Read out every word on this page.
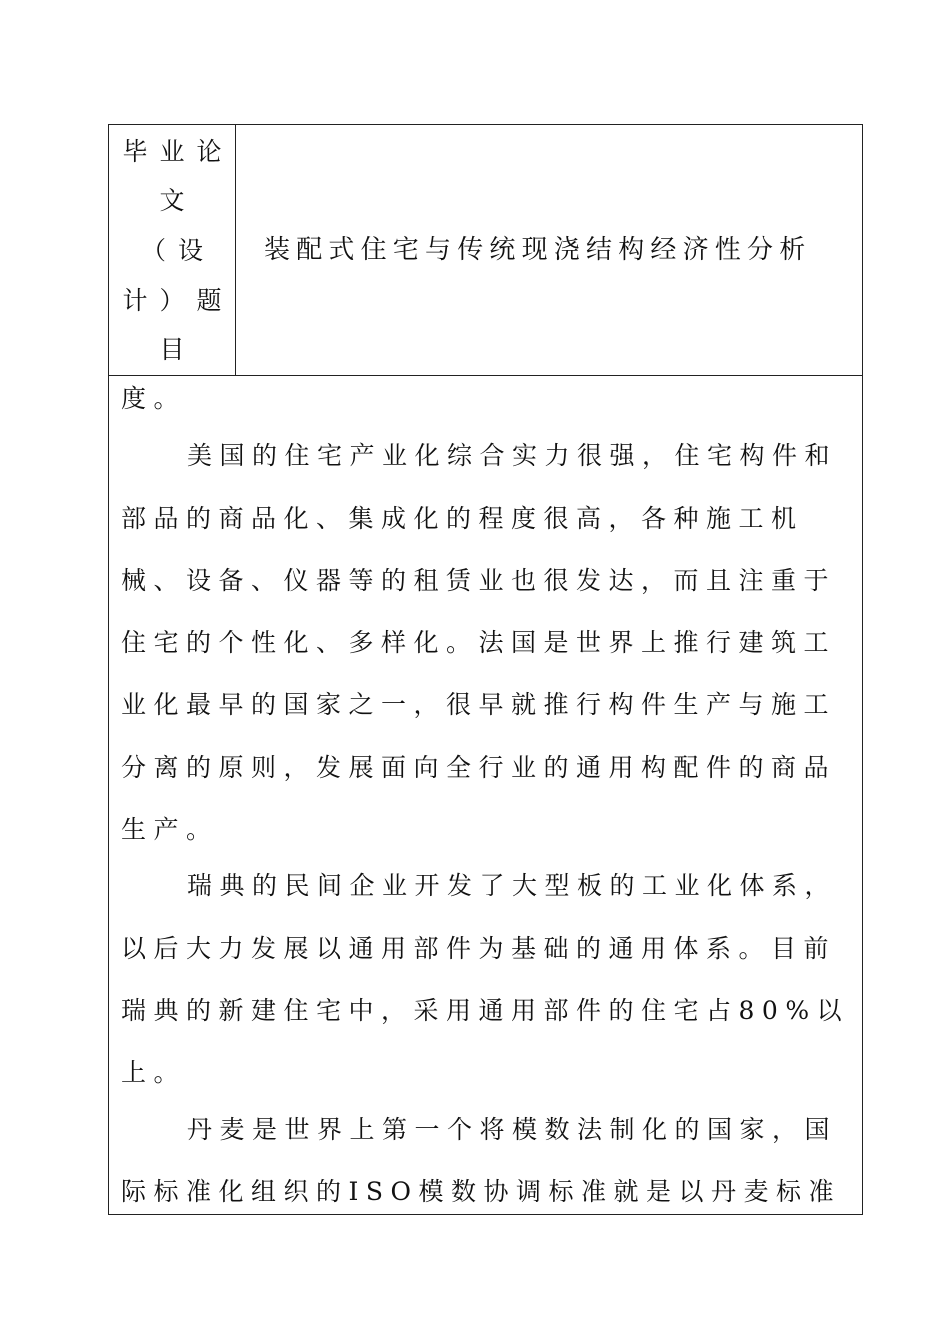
毕业论
文
（设
计）题
目
装配式住宅与传统现浇结构经济性分析
度。
美国的住宅产业化综合实力很强，住宅构件和
部品的商品化、集成化的程度很高，各种施工机
械、设备、仪器等的租赁业也很发达，而且注重于
住宅的个性化、多样化。法国是世界上推行建筑工
业化最早的国家之一，很早就推行构件生产与施工
分离的原则，发展面向全行业的通用构配件的商品
生产。
瑞典的民间企业开发了大型板的工业化体系，
以后大力发展以通用部件为基础的通用体系。目前
瑞典的新建住宅中，采用通用部件的住宅占80%以
上。
丹麦是世界上第一个将模数法制化的国家，国
际标准化组织的ISO模数协调标准就是以丹麦标准
